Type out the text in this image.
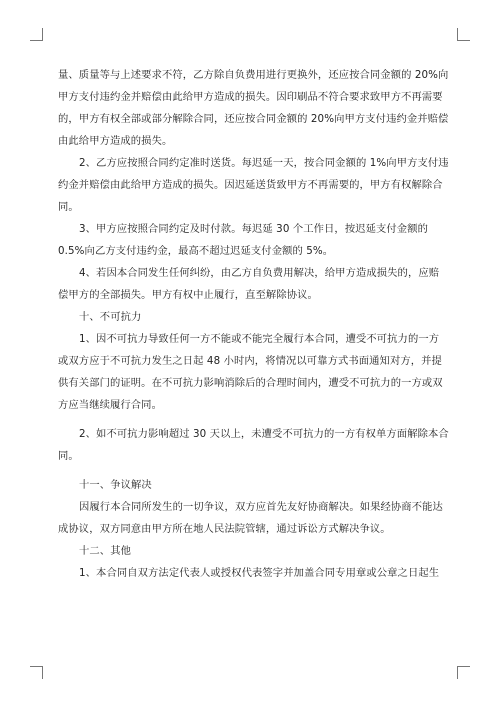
量、质量等与上述要求不符，乙方除自负费用进行更换外，还应按合同金额的 20%向
甲方支付违约金并赔偿由此给甲方造成的损失。因印刷品不符合要求致甲方不再需要
的，甲方有权全部或部分解除合同，还应按合同金额的 20%向甲方支付违约金并赔偿
由此给甲方造成的损失。

2、乙方应按照合同约定准时送货。每迟延一天，按合同金额的 1%向甲方支付违
约金并赔偿由此给甲方造成的损失。因迟延送货致甲方不再需要的，甲方有权解除合
同。

3、甲方应按照合同约定及时付款。每迟延 30 个工作日，按迟延支付金额的
0.5%向乙方支付违约金，最高不超过迟延支付金额的 5%。

4、若因本合同发生任何纠纷，由乙方自负费用解决，给甲方造成损失的，应赔
偿甲方的全部损失。甲方有权中止履行，直至解除协议。

十、不可抗力

1、因不可抗力导致任何一方不能或不能完全履行本合同，遭受不可抗力的一方
或双方应于不可抗力发生之日起 48 小时内，将情况以可靠方式书面通知对方，并提
供有关部门的证明。在不可抗力影响消除后的合理时间内，遭受不可抗力的一方或双
方应当继续履行合同。

2、如不可抗力影响超过 30 天以上，未遭受不可抗力的一方有权单方面解除本合
同。

十一、争议解决

因履行本合同所发生的一切争议，双方应首先友好协商解决。如果经协商不能达
成协议，双方同意由甲方所在地人民法院管辖，通过诉讼方式解决争议。

十二、其他

1、本合同自双方法定代表人或授权代表签字并加盖合同专用章或公章之日起生
